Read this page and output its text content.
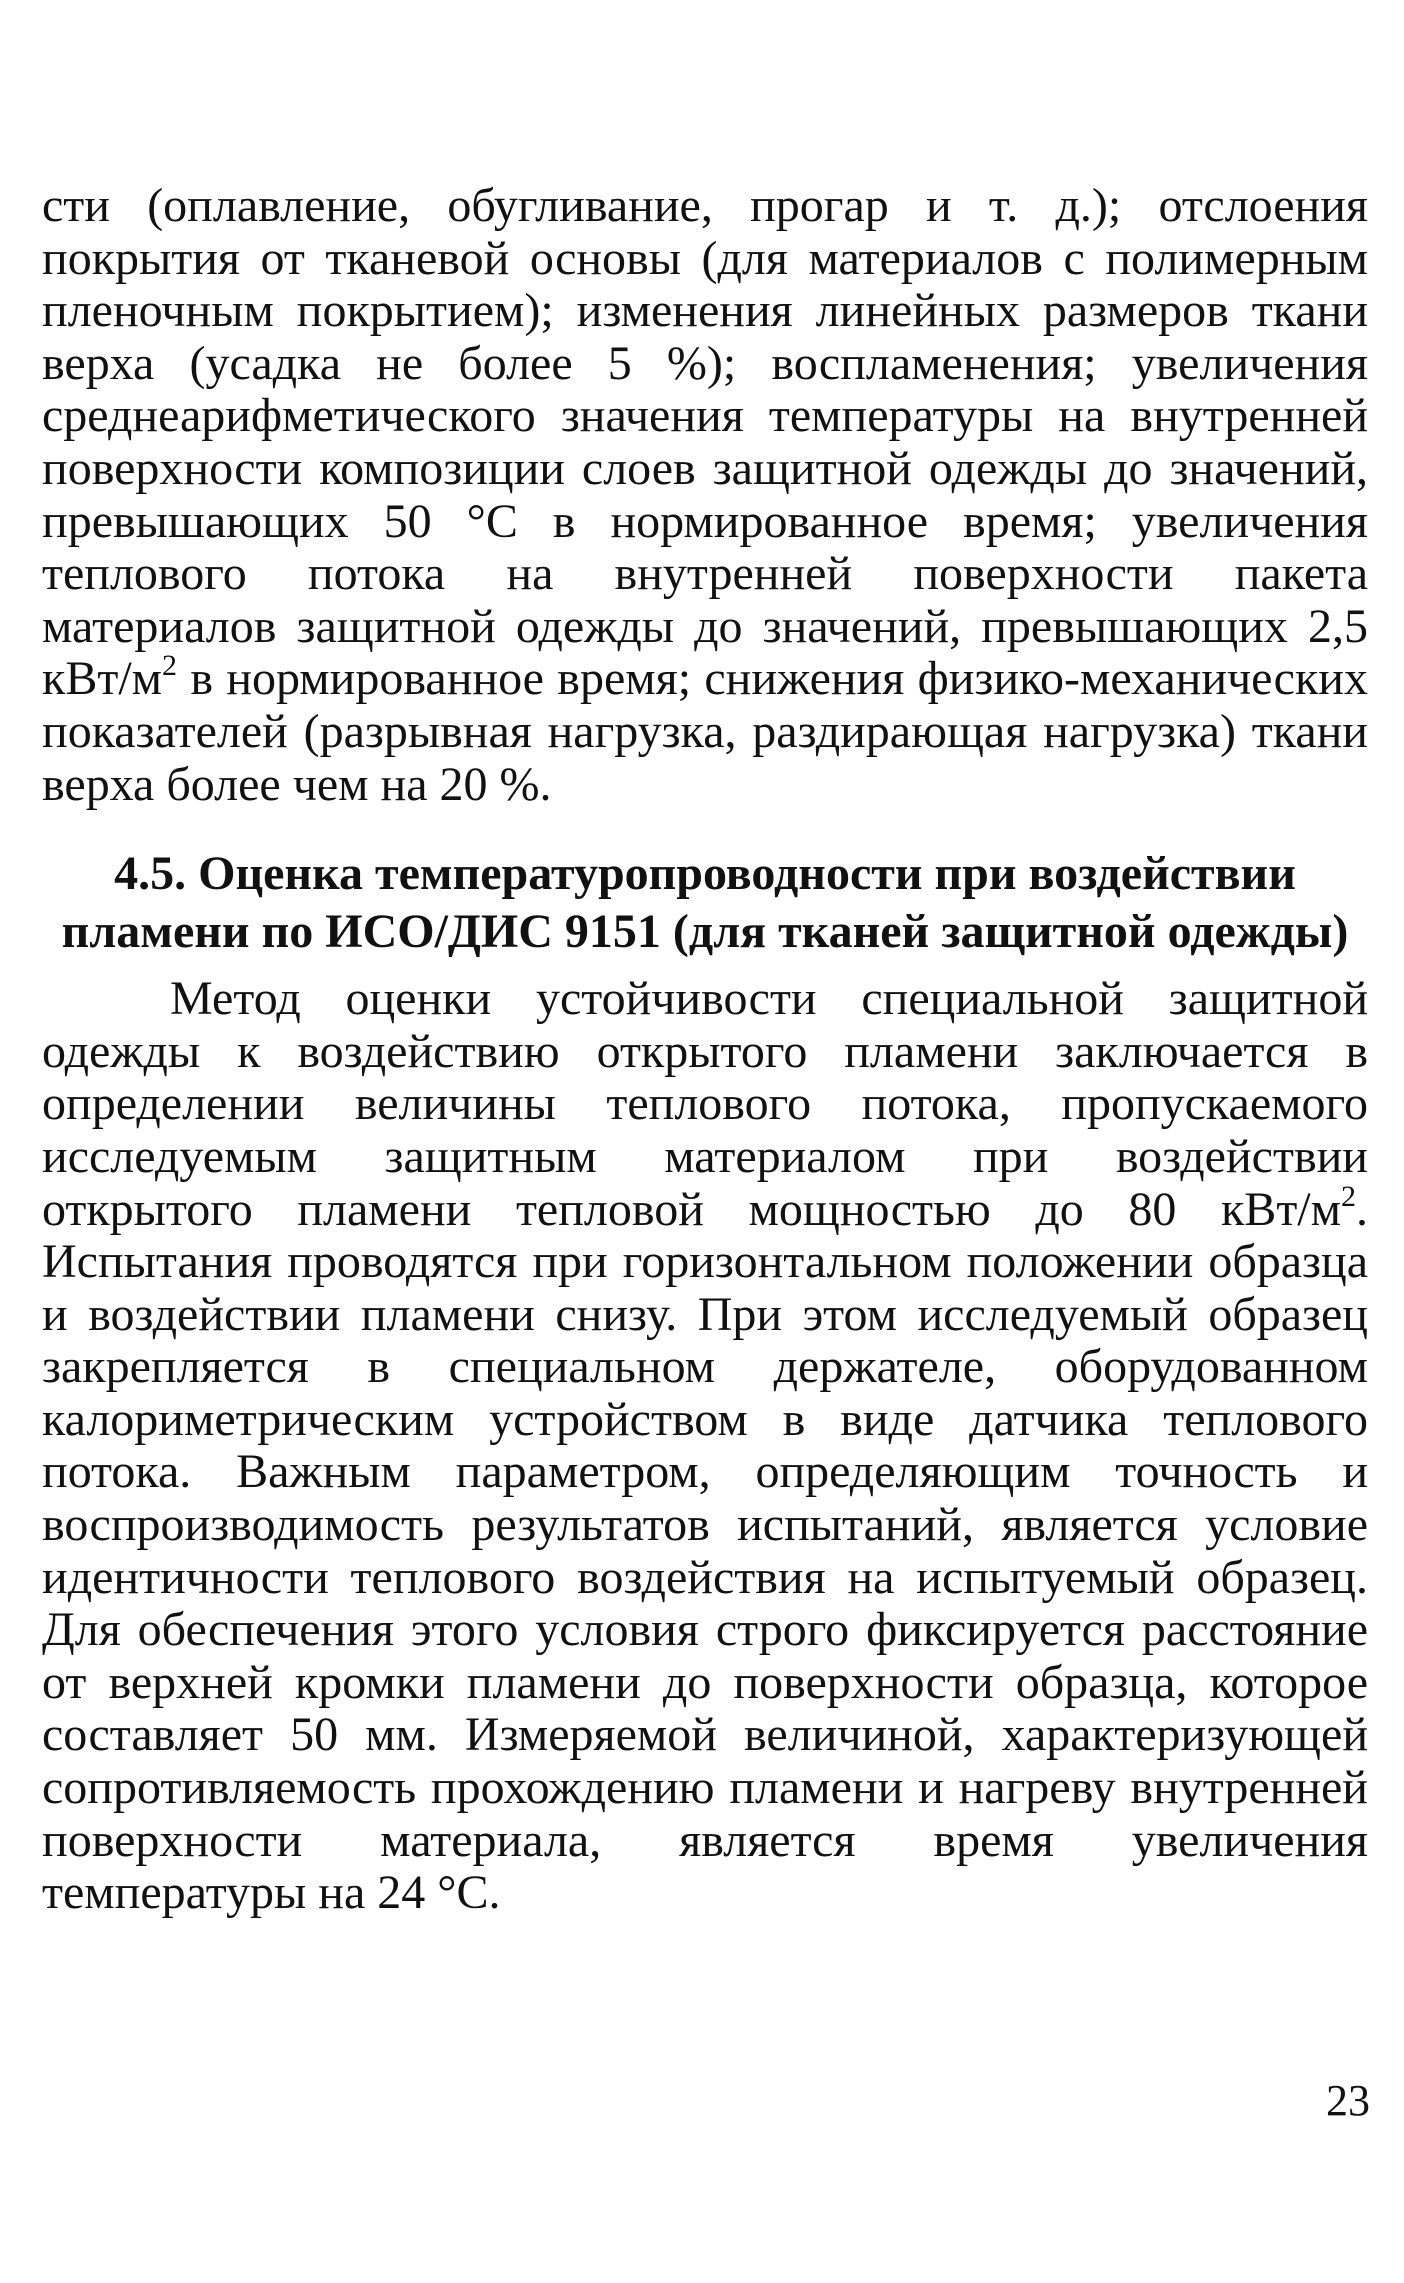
сти (оплавление, обугливание, прогар и т. д.); отслоения покрытия от тканевой основы (для материалов с полимерным пленочным покрытием); изменения линейных размеров ткани верха (усадка не более 5 %); воспламенения; увеличения среднеарифметического значения температуры на внутренней поверхности композиции слоев защитной одежды до значений, превышающих 50 °С в нормированное время; увеличения теплового потока на внутренней поверхности пакета материалов защитной одежды до значений, превышающих 2,5 кВт/$м^2$ в нормированное время; снижения физико-механических показателей (разрывная нагрузка, раздирающая нагрузка) ткани верха более чем на 20 %.

4.5. Оценка температуропроводности при воздействии пламени по ИСО/ДИС 9151 (для тканей защитной одежды)

Метод оценки устойчивости специальной защитной одежды к воздействию открытого пламени заключается в определении величины теплового потока, пропускаемого исследуемым защитным материалом при воздействии открытого пламени тепловой мощностью до 80 кВт/$м^2$. Испытания проводятся при горизонтальном положении образца и воздействии пламени снизу. При этом исследуемый образец закрепляется в специальном держателе, оборудованном калориметрическим устройством в виде датчика теплового потока. Важным параметром, определяющим точность и воспроизводимость результатов испытаний, является условие идентичности теплового воздействия на испытуемый образец. Для обеспечения этого условия строго фиксируется расстояние от верхней кромки пламени до поверхности образца, которое составляет 50 мм. Измеряемой величиной, характеризующей сопротивляемость прохождению пламени и нагреву внутренней поверхности материала, является время увеличения температуры на 24 °С.

23
